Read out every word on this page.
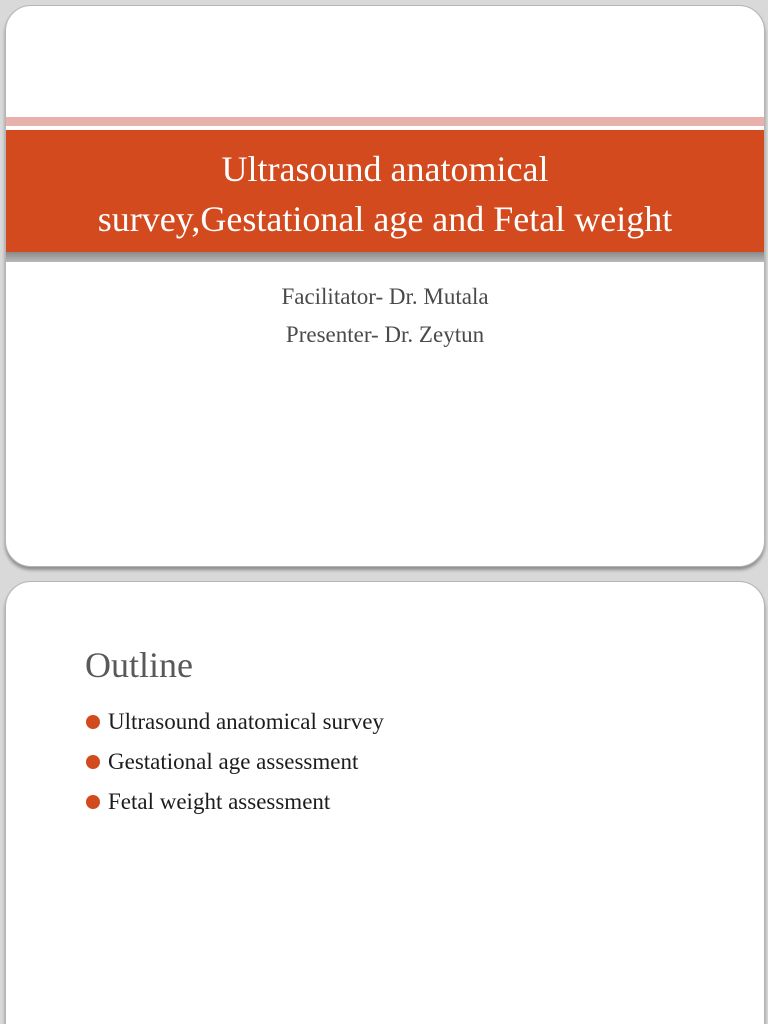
Ultrasound anatomical
survey,Gestational age and Fetal weight
Facilitator- Dr. Mutala
Presenter- Dr. Zeytun
Outline
Ultrasound anatomical survey
Gestational age assessment
Fetal weight assessment
